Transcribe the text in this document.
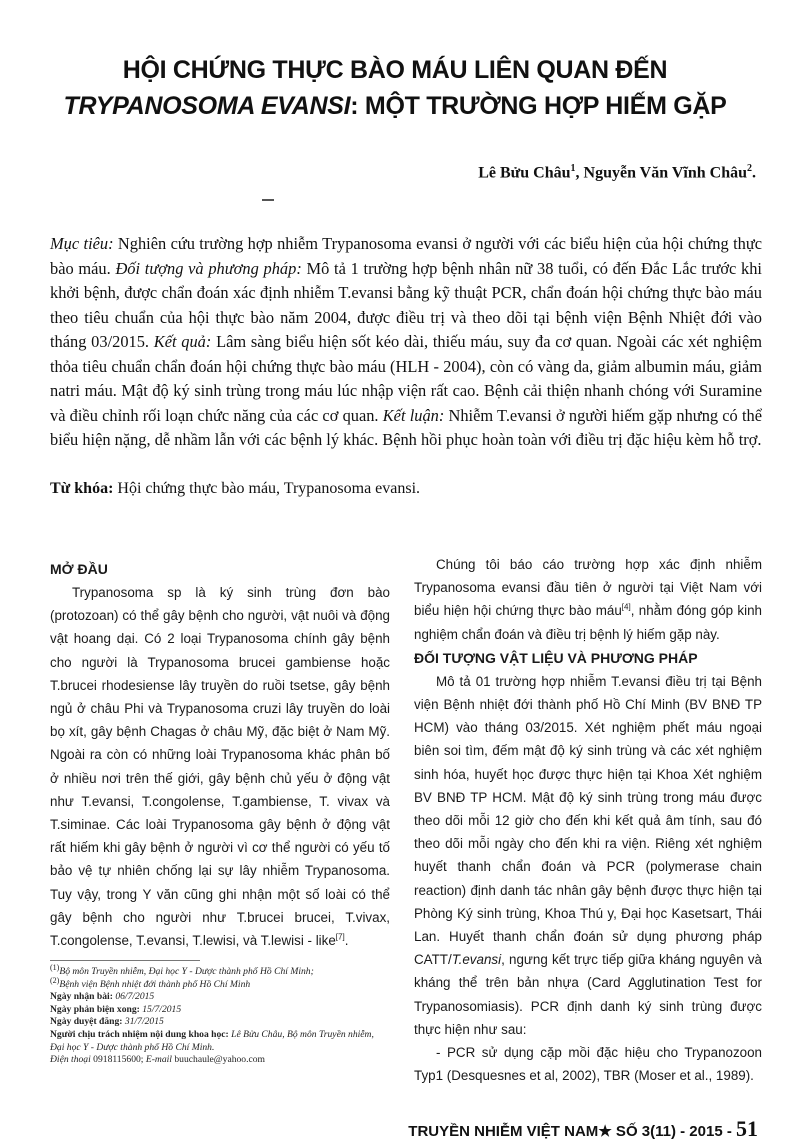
HỘI CHỨNG THỰC BÀO MÁU LIÊN QUAN ĐẾN
TRYPANOSOMA EVANSI: MỘT TRƯỜNG HỢP HIẾM GẶP
Lê Bửu Châu$^1$, Nguyễn Văn Vĩnh Châu$^2$.
Mục tiêu: Nghiên cứu trường hợp nhiễm Trypanosoma evansi ở người với các biểu hiện của hội chứng thực bào máu. Đối tượng và phương pháp: Mô tả 1 trường hợp bệnh nhân nữ 38 tuổi, có đến Đắc Lắc trước khi khởi bệnh, được chẩn đoán xác định nhiễm T.evansi bằng kỹ thuật PCR, chẩn đoán hội chứng thực bào máu theo tiêu chuẩn của hội thực bào năm 2004, được điều trị và theo dõi tại bệnh viện Bệnh Nhiệt đới vào tháng 03/2015. Kết quả: Lâm sàng biểu hiện sốt kéo dài, thiếu máu, suy đa cơ quan. Ngoài các xét nghiệm thỏa tiêu chuẩn chẩn đoán hội chứng thực bào máu (HLH - 2004), còn có vàng da, giảm albumin máu, giảm natri máu. Mật độ ký sinh trùng trong máu lúc nhập viện rất cao. Bệnh cải thiện nhanh chóng với Suramine và điều chỉnh rối loạn chức năng của các cơ quan. Kết luận: Nhiễm T.evansi ở người hiếm gặp nhưng có thể biểu hiện nặng, dễ nhầm lẫn với các bệnh lý khác. Bệnh hồi phục hoàn toàn với điều trị đặc hiệu kèm hỗ trợ.
Từ khóa: Hội chứng thực bào máu, Trypanosoma evansi.

MỞ ĐẦU

Trypanosoma sp là ký sinh trùng đơn bào (protozoan) có thể gây bệnh cho người, vật nuôi và động vật hoang dại. Có 2 loại Trypanosoma chính gây bệnh cho người là Trypanosoma brucei gambiense hoặc T.brucei rhodesiense lây truyền do ruồi tsetse, gây bệnh ngủ ở châu Phi và Trypanosoma cruzi lây truyền do loài bọ xít, gây bệnh Chagas ở châu Mỹ, đặc biệt ở Nam Mỹ. Ngoài ra còn có những loài Trypanosoma khác phân bố ở nhiều nơi trên thế giới, gây bệnh chủ yếu ở động vật như T.evansi, T.congolense, T.gambiense, T. vivax và T.siminae. Các loài Trypanosoma gây bệnh ở động vật rất hiếm khi gây bệnh ở người vì cơ thể người có yếu tố bảo vệ tự nhiên chống lại sự lây nhiễm Trypanosoma. Tuy vậy, trong Y văn cũng ghi nhận một số loài có thể gây bệnh cho người như T.brucei brucei, T.vivax, T.congolense, T.evansi, T.lewisi, và T.lewisi - like[7].

Chúng tôi báo cáo trường hợp xác định nhiễm Trypanosoma evansi đầu tiên ở người tại Việt Nam với biểu hiện hội chứng thực bào máu[4], nhằm đóng góp kinh nghiệm chẩn đoán và điều trị bệnh lý hiếm gặp này.

ĐỐI TƯỢNG VẬT LIỆU VÀ PHƯƠNG PHÁP

Mô tả 01 trường hợp nhiễm T.evansi điều trị tại Bệnh viện Bệnh nhiệt đới thành phố Hồ Chí Minh (BV BNĐ TP HCM) vào tháng 03/2015. Xét nghiệm phết máu ngoại biên soi tìm, đếm mật độ ký sinh trùng và các xét nghiệm sinh hóa, huyết học được thực hiện tại Khoa Xét nghiệm BV BNĐ TP HCM. Mật độ ký sinh trùng trong máu được theo dõi mỗi 12 giờ cho đến khi kết quả âm tính, sau đó theo dõi mỗi ngày cho đến khi ra viện. Riêng xét nghiệm huyết thanh chẩn đoán và PCR (polymerase chain reaction) định danh tác nhân gây bệnh được thực hiện tại Phòng Ký sinh trùng, Khoa Thú y, Đại học Kasetsart, Thái Lan. Huyết thanh chẩn đoán sử dụng phương pháp CATT/T.evansi, ngưng kết trực tiếp giữa kháng nguyên và kháng thể trên bản nhựa (Card Agglutination Test for Trypanosomiasis). PCR định danh ký sinh trùng được thực hiện như sau:

- PCR sử dụng cặp mồi đặc hiệu cho Trypanozoon Typ1 (Desquesnes et al, 2002), TBR (Moser et al., 1989).

$^{(1)}$Bộ môn Truyền nhiễm, Đại học Y - Dược thành phố Hồ Chí Minh;
$^{(2)}$Bệnh viện Bệnh nhiệt đới thành phố Hồ Chí Minh
Ngày nhận bài: 06/7/2015
Ngày phản biện xong: 15/7/2015
Ngày duyệt đăng: 31/7/2015
Người chịu trách nhiệm nội dung khoa học: Lê Bửu Châu, Bộ môn Truyền nhiễm, Đại học Y - Dược thành phố Hồ Chí Minh.
Điện thoại 0918115600; E-mail buuchaule@yahoo.com
TRUYỀN NHIỄM VIỆT NAM★ SỐ 3(11) - 2015 - 51
